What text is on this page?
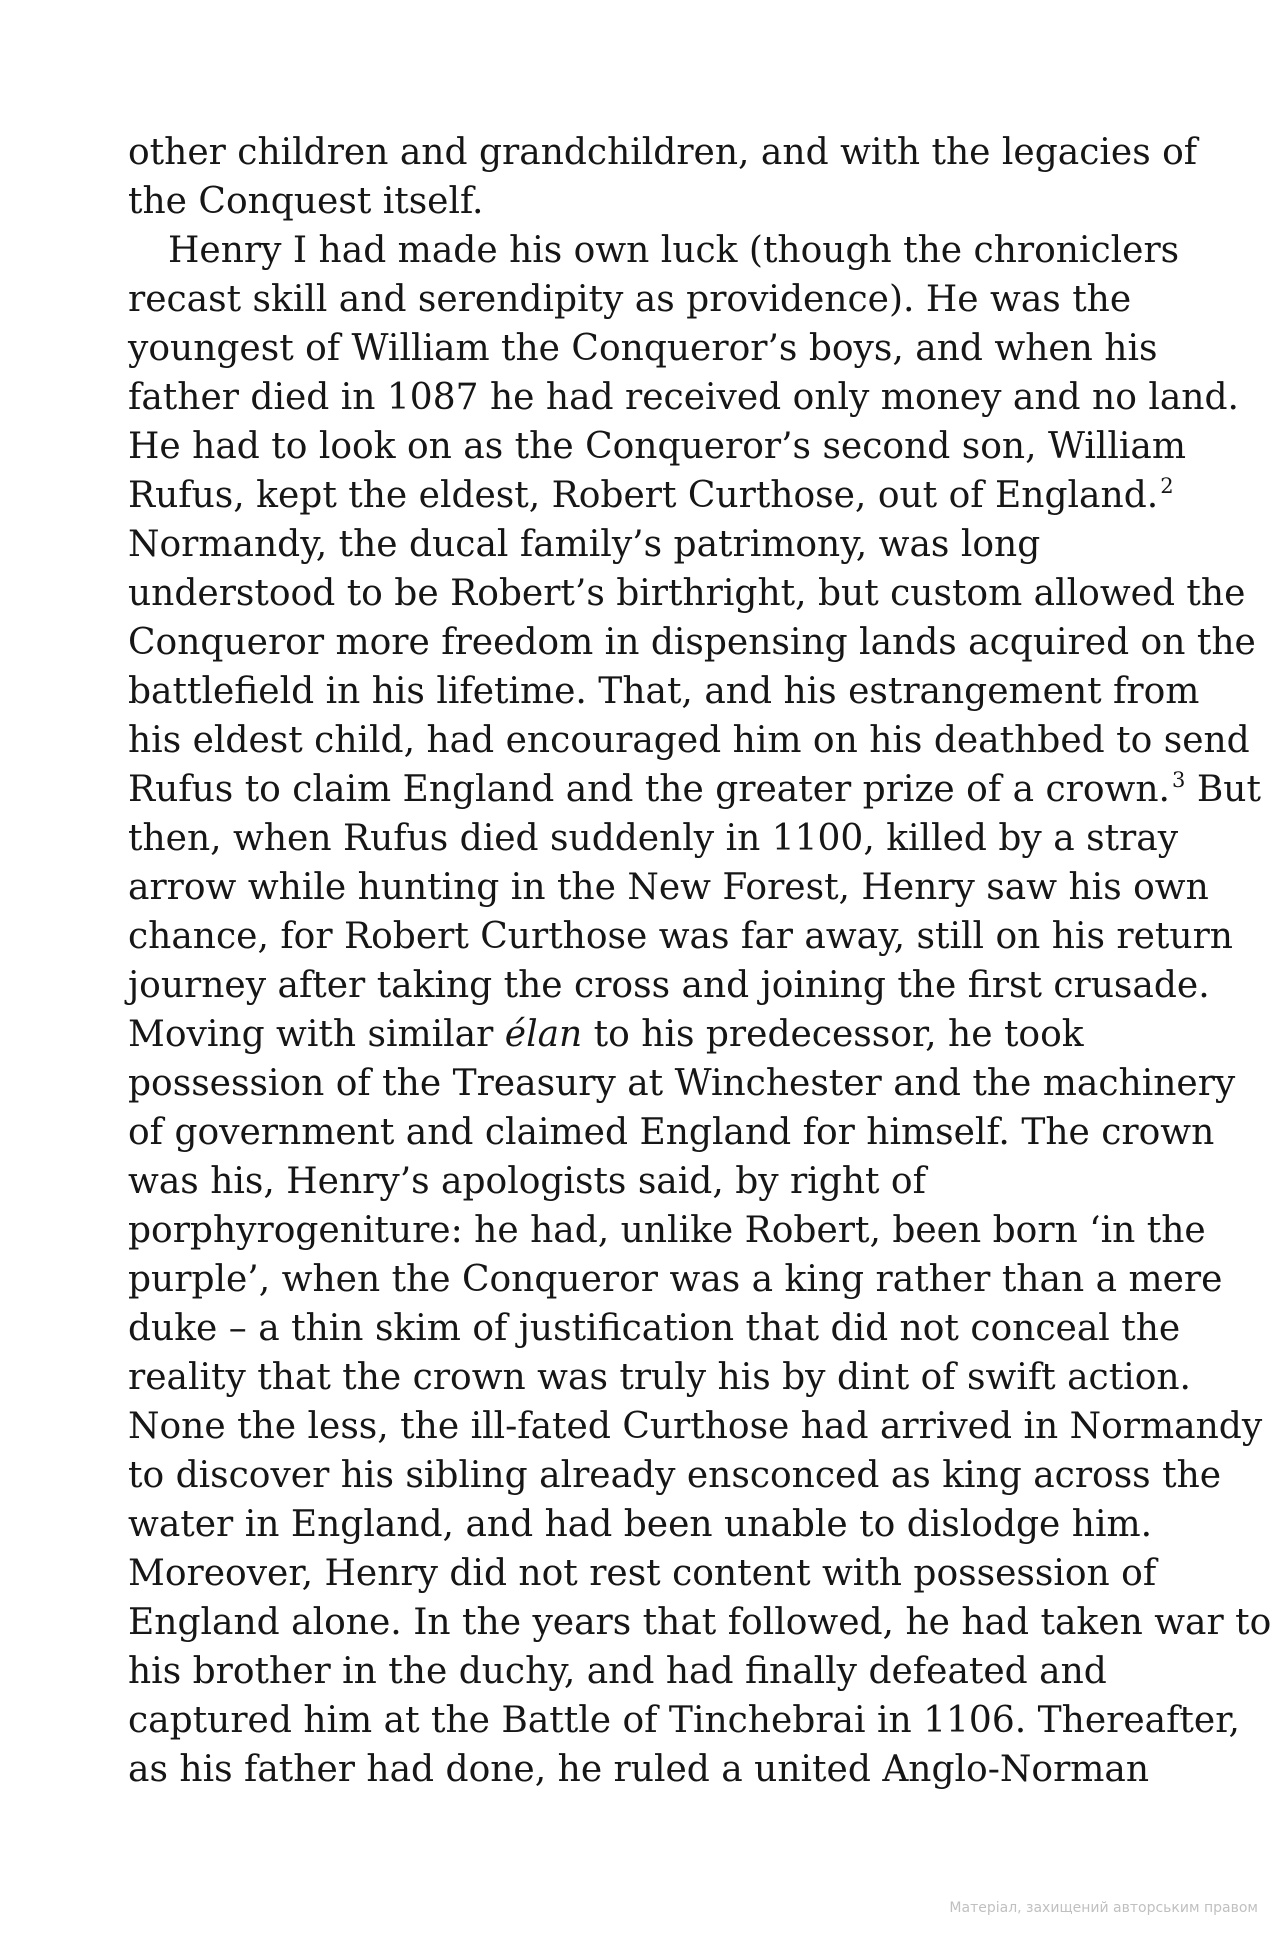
other children and grandchildren, and with the legacies of
the Conquest itself.
Henry I had made his own luck (though the chroniclers
recast skill and serendipity as providence). He was the
youngest of William the Conqueror’s boys, and when his
father died in 1087 he had received only money and no land.
He had to look on as the Conqueror’s second son, William
Rufus, kept the eldest, Robert Curthose, out of England.$^2$
Normandy, the ducal family’s patrimony, was long
understood to be Robert’s birthright, but custom allowed the
Conqueror more freedom in dispensing lands acquired on the
battlefield in his lifetime. That, and his estrangement from
his eldest child, had encouraged him on his deathbed to send
Rufus to claim England and the greater prize of a crown.$^3$ But
then, when Rufus died suddenly in 1100, killed by a stray
arrow while hunting in the New Forest, Henry saw his own
chance, for Robert Curthose was far away, still on his return
journey after taking the cross and joining the first crusade.
Moving with similar élan to his predecessor, he took
possession of the Treasury at Winchester and the machinery
of government and claimed England for himself. The crown
was his, Henry’s apologists said, by right of
porphyrogeniture: he had, unlike Robert, been born ‘in the
purple’, when the Conqueror was a king rather than a mere
duke – a thin skim of justification that did not conceal the
reality that the crown was truly his by dint of swift action.
None the less, the ill-fated Curthose had arrived in Normandy
to discover his sibling already ensconced as king across the
water in England, and had been unable to dislodge him.
Moreover, Henry did not rest content with possession of
England alone. In the years that followed, he had taken war to
his brother in the duchy, and had finally defeated and
captured him at the Battle of Tinchebrai in 1106. Thereafter,
as his father had done, he ruled a united Anglo-Norman
Матеріал, захищений авторським правом
